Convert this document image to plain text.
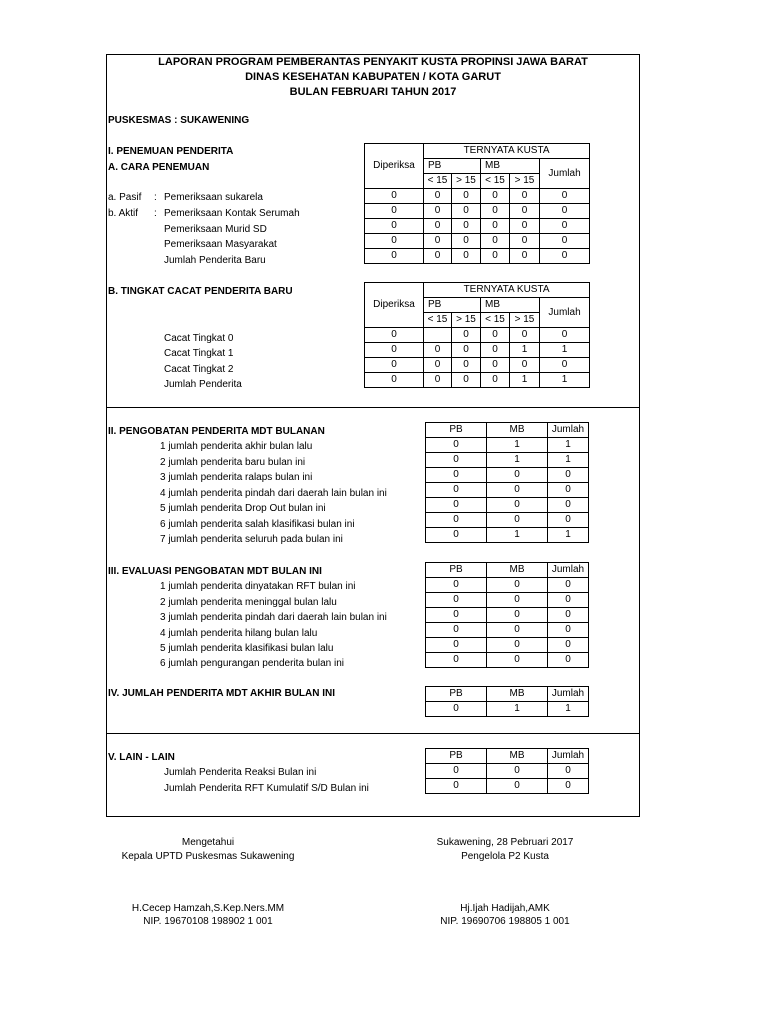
LAPORAN PROGRAM PEMBERANTAS PENYAKIT KUSTA PROPINSI JAWA BARAT
DINAS KESEHATAN KABUPATEN / KOTA GARUT
BULAN FEBRUARI TAHUN 2017
PUSKESMAS : SUKAWENING
I. PENEMUAN PENDERITA
A. CARA PENEMUAN
a. Pasif : Pemeriksaan sukarela
b. Aktif : Pemeriksaan Kontak Serumah
Pemeriksaan Murid SD
Pemeriksaan Masyarakat
Jumlah Penderita Baru
	TERNYATA KUSTA				
Diperiksa	PB		MB		Jumlah
	< 15	> 15	< 15	> 15	
0	0	0	0	0	0
0	0	0	0	0	0
0	0	0	0	0	0
0	0	0	0	0	0
0	0	0	0	0	0
B. TINGKAT CACAT PENDERITA BARU
Cacat Tingkat 0
Cacat Tingkat 1
Cacat Tingkat 2
Jumlah Penderita
	TERNYATA KUSTA				
Diperiksa	PB		MB		Jumlah
	< 15	> 15	< 15	> 15	
0		0	0	0	0
0	0	0	0	1	1
0	0	0	0	0	0
0	0	0	0	1	1
II. PENGOBATAN PENDERITA MDT BULANAN
1 jumlah penderita akhir bulan lalu
2 jumlah penderita baru bulan ini
3 jumlah penderita ralaps bulan ini
4 jumlah penderita pindah dari daerah lain bulan ini
5 jumlah penderita Drop Out bulan ini
6 jumlah penderita salah klasifikasi bulan ini
7 jumlah penderita seluruh pada bulan ini
PB	MB	Jumlah
0	1	1
0	1	1
0	0	0
0	0	0
0	0	0
0	0	0
0	1	1
III. EVALUASI PENGOBATAN MDT BULAN INI
1 jumlah penderita dinyatakan RFT bulan ini
2 jumlah penderita meninggal bulan lalu
3 jumlah penderita pindah dari daerah lain bulan ini
4 jumlah penderita hilang bulan lalu
5 jumlah penderita klasifikasi bulan lalu
6 jumlah pengurangan penderita bulan ini
PB	MB	Jumlah
0	0	0
0	0	0
0	0	0
0	0	0
0	0	0
0	0	0
IV. JUMLAH PENDERITA MDT AKHIR BULAN INI	PB	MB	Jumlah
0	1	1
V. LAIN - LAIN
Jumlah Penderita Reaksi Bulan ini
Jumlah Penderita RFT Kumulatif S/D Bulan ini
PB	MB	Jumlah
0	0	0
0	0	0
Mengetahui
Kepala UPTD Puskesmas Sukawening
H.Cecep Hamzah,S.Kep.Ners.MM
NIP. 19670108 198902 1 001
Sukawening, 28 Pebruari 2017
Pengelola P2 Kusta
Hj.Ijah Hadijah,AMK
NIP. 19690706 198805 1 001
